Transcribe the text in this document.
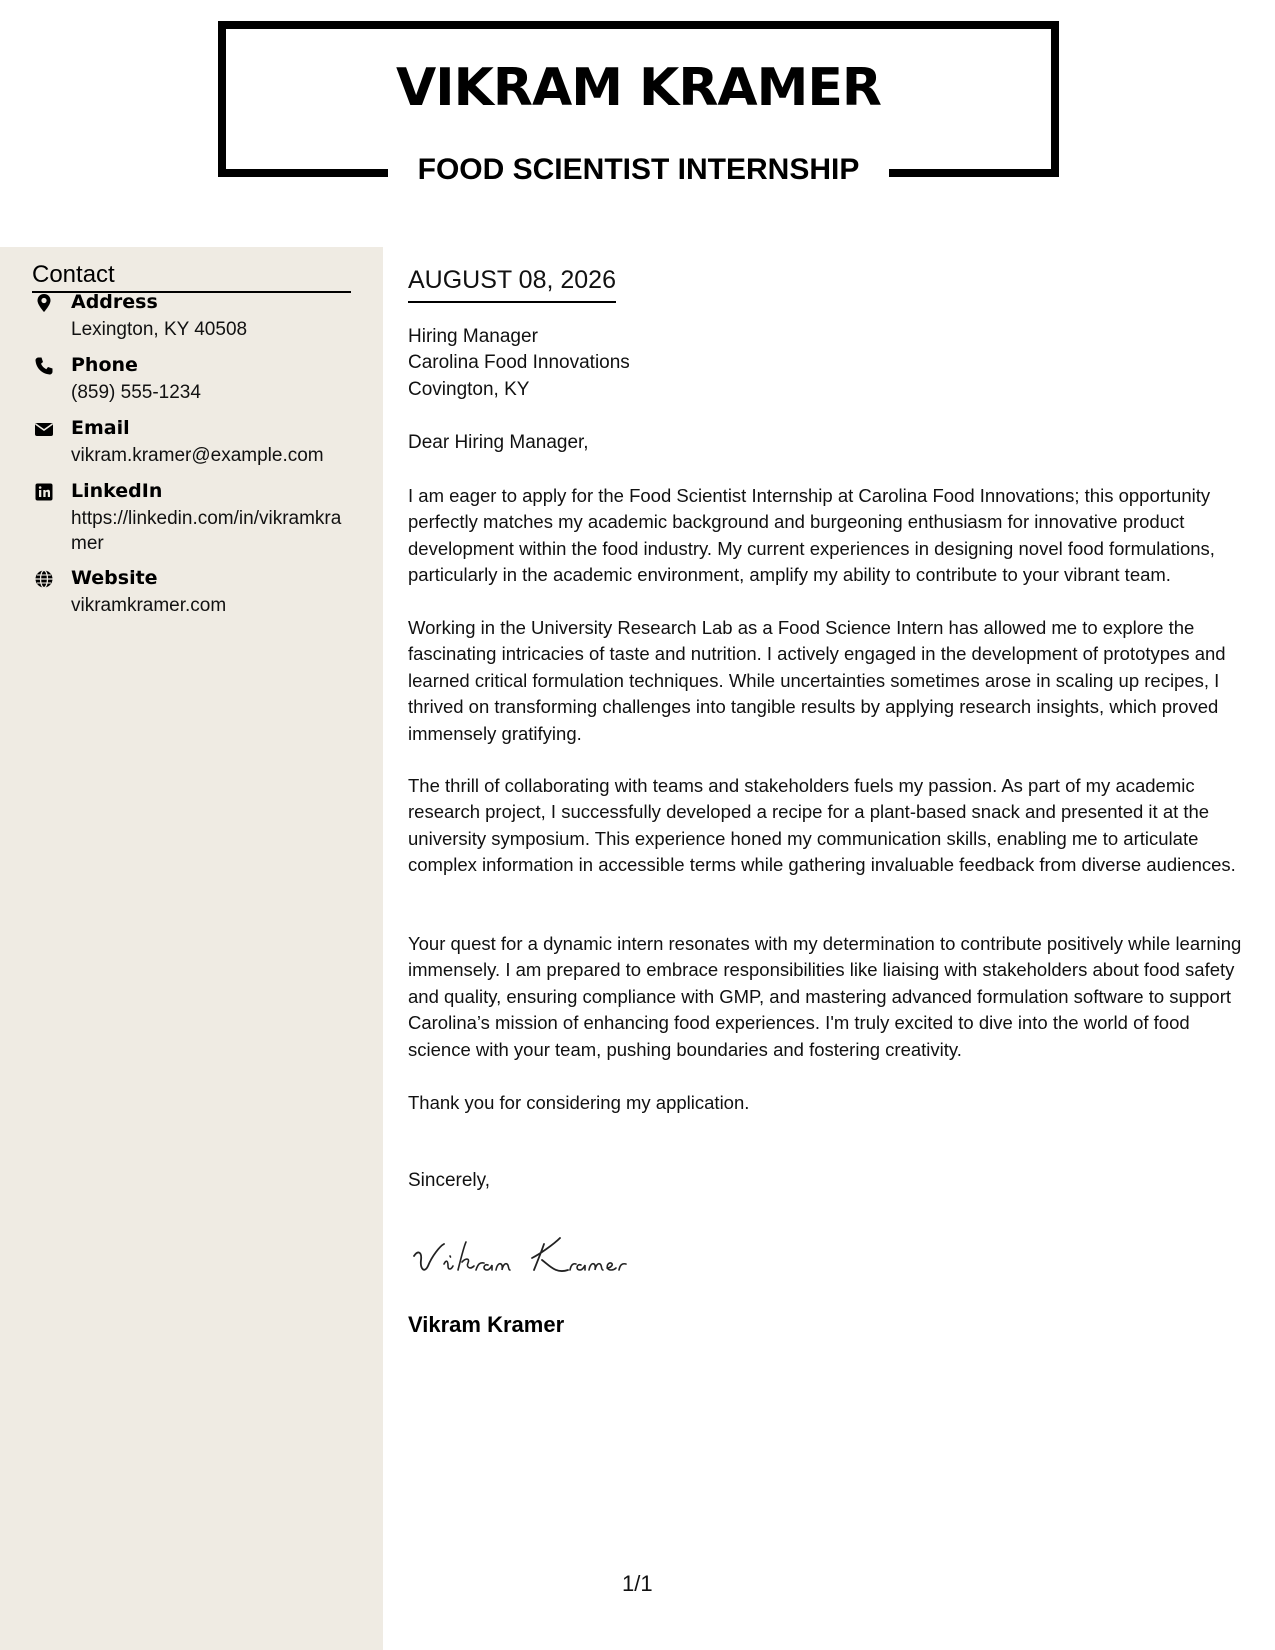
VIKRAM KRAMER
FOOD SCIENTIST INTERNSHIP
Contact
Address
Lexington, KY 40508
Phone
(859) 555-1234
Email
vikram.kramer@example.com
LinkedIn
https://linkedin.com/in/vikramkramer
Website
vikramkramer.com
AUGUST 08, 2026
Hiring Manager
Carolina Food Innovations
Covington, KY
Dear Hiring Manager,
I am eager to apply for the Food Scientist Internship at Carolina Food Innovations; this opportunity perfectly matches my academic background and burgeoning enthusiasm for innovative product development within the food industry. My current experiences in designing novel food formulations, particularly in the academic environment, amplify my ability to contribute to your vibrant team.
Working in the University Research Lab as a Food Science Intern has allowed me to explore the fascinating intricacies of taste and nutrition. I actively engaged in the development of prototypes and learned critical formulation techniques. While uncertainties sometimes arose in scaling up recipes, I thrived on transforming challenges into tangible results by applying research insights, which proved immensely gratifying.
The thrill of collaborating with teams and stakeholders fuels my passion. As part of my academic research project, I successfully developed a recipe for a plant-based snack and presented it at the university symposium. This experience honed my communication skills, enabling me to articulate complex information in accessible terms while gathering invaluable feedback from diverse audiences.
Your quest for a dynamic intern resonates with my determination to contribute positively while learning immensely. I am prepared to embrace responsibilities like liaising with stakeholders about food safety and quality, ensuring compliance with GMP, and mastering advanced formulation software to support Carolina’s mission of enhancing food experiences. I'm truly excited to dive into the world of food science with your team, pushing boundaries and fostering creativity.
Thank you for considering my application.
Sincerely,
Vikram Kramer
1/1
